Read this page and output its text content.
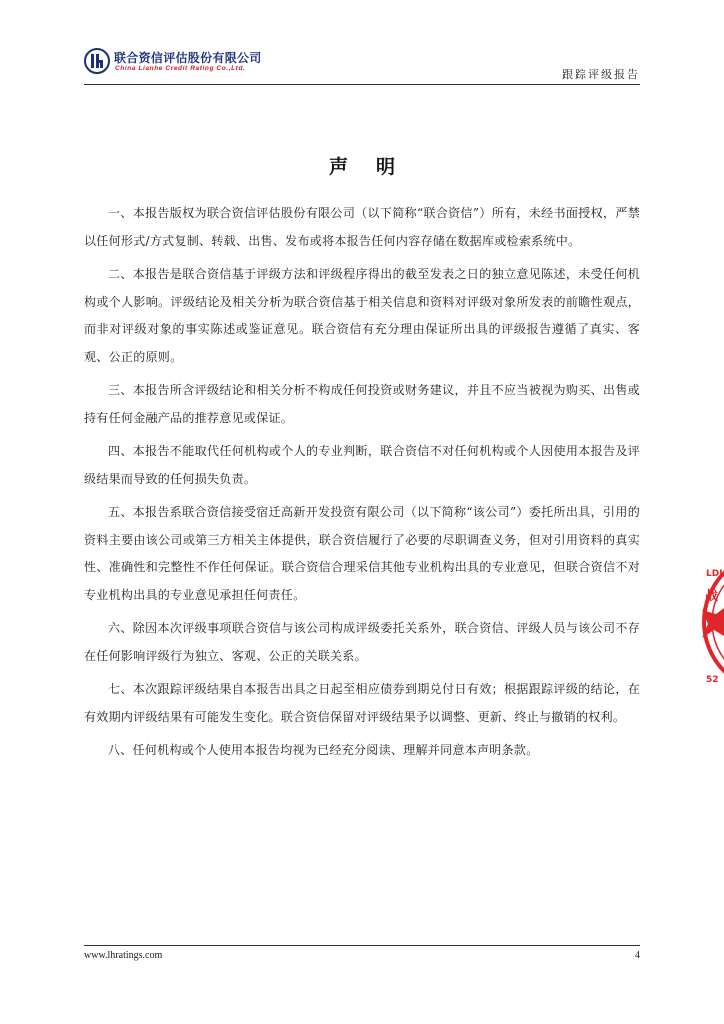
联合资信评估股份有限公司
China Lianhe Credit Rating Co.,Ltd.	跟踪评级报告
声明

一、本报告版权为联合资信评估股份有限公司（以下简称“联合资信”）所有，未经书面授权，严禁以任何形式/方式复制、转载、出售、发布或将本报告任何内容存储在数据库或检索系统中。

二、本报告是联合资信基于评级方法和评级程序得出的截至发表之日的独立意见陈述，未受任何机构或个人影响。评级结论及相关分析为联合资信基于相关信息和资料对评级对象所发表的前瞻性观点，而非对评级对象的事实陈述或鉴证意见。联合资信有充分理由保证所出具的评级报告遵循了真实、客观、公正的原则。

三、本报告所含评级结论和相关分析不构成任何投资或财务建议，并且不应当被视为购买、出售或持有任何金融产品的推荐意见或保证。

四、本报告不能取代任何机构或个人的专业判断，联合资信不对任何机构或个人因使用本报告及评级结果而导致的任何损失负责。

五、本报告系联合资信接受宿迁高新开发投资有限公司（以下简称“该公司”）委托所出具，引用的资料主要由该公司或第三方相关主体提供，联合资信履行了必要的尽职调查义务，但对引用资料的真实性、准确性和完整性不作任何保证。联合资信合理采信其他专业机构出具的专业意见，但联合资信不对专业机构出具的专业意见承担任何责任。

六、除因本次评级事项联合资信与该公司构成评级委托关系外，联合资信、评级人员与该公司不存在任何影响评级行为独立、客观、公正的关联关系。

七、本次跟踪评级结果自本报告出具之日起至相应债券到期兑付日有效；根据跟踪评级的结论，在有效期内评级结果有可能发生变化。联合资信保留对评级结果予以调整、更新、终止与撤销的权利。

八、任何机构或个人使用本报告均视为已经充分阅读、理解并同意本声明条款。

LDI
战
52
www.lhratings.com	4
